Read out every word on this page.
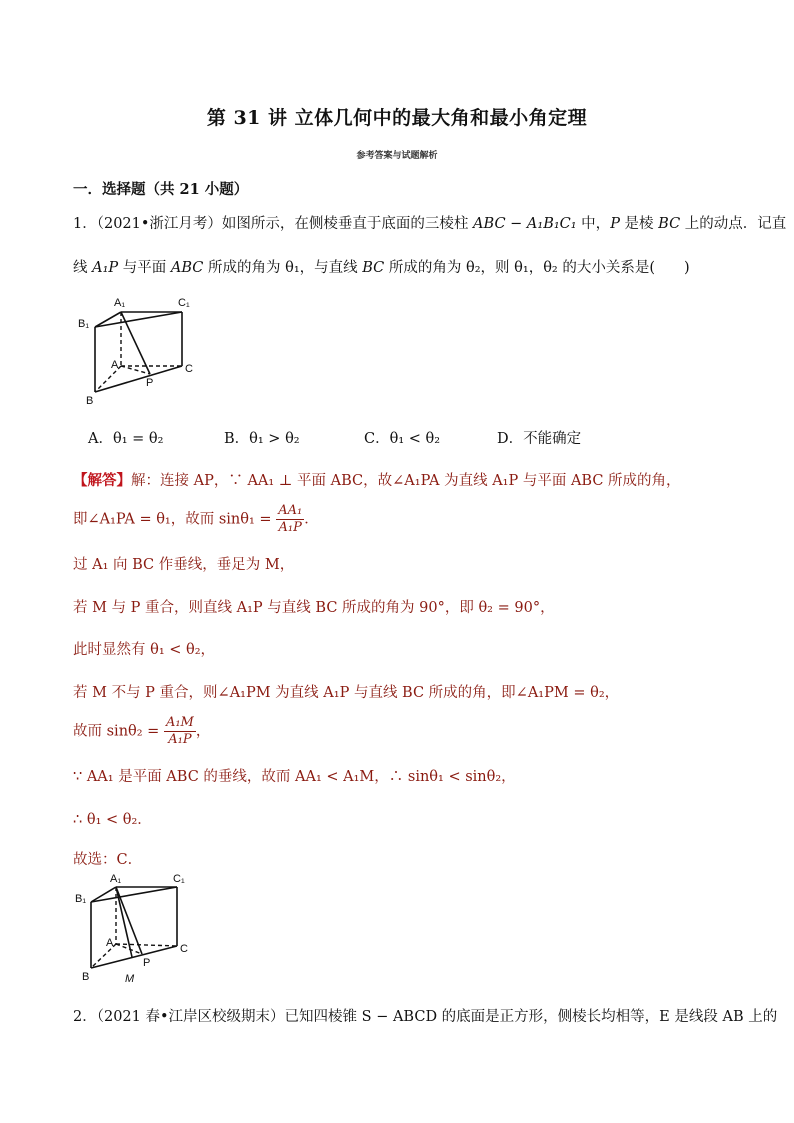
第 31 讲 立体几何中的最大角和最小角定理
参考答案与试题解析
一．选择题（共 21 小题）
1．（2021•浙江月考）如图所示，在侧棱垂直于底面的三棱柱 ABC − A₁B₁C₁ 中，P 是棱 BC 上的动点．记直
线 A₁P 与平面 ABC 所成的角为 θ₁，与直线 BC 所成的角为 θ₂，则 θ₁，θ₂ 的大小关系是(　　)
A₁	C₁
B₁
A
P
C
B
A．θ₁ = θ₂	B．θ₁ > θ₂	C．θ₁ < θ₂	D．不能确定
【解答】解：连接 AP，∵ AA₁ ⊥ 平面 ABC，故∠A₁PA 为直线 A₁P 与平面 ABC 所成的角，
即∠A₁PA = θ₁，故而 $\sin\theta_1 = \frac{\text{AA₁}}{\text{A₁P}}$ ．
过 A₁ 向 BC 作垂线，垂足为 M，
若 M 与 P 重合，则直线 A₁P 与直线 BC 所成的角为 90°，即 θ₂ = 90°，
此时显然有 θ₁ < θ₂，
若 M 不与 P 重合，则∠A₁PM 为直线 A₁P 与直线 BC 所成的角，即∠A₁PM = θ₂，
故而 $\sin\theta_2 = \frac{\text{A₁M}}{\text{A₁P}}$ ，
∵ AA₁ 是平面 ABC 的垂线，故而 AA₁ < A₁M，∴ sinθ₁ < sinθ₂，
∴ θ₁ < θ₂．
故选：C．
A₁	C₁
B₁
A
P
C
B	M
2．（2021 春•江岸区校级期末）已知四棱锥 S − ABCD 的底面是正方形，侧棱长均相等，E 是线段 AB 上的
